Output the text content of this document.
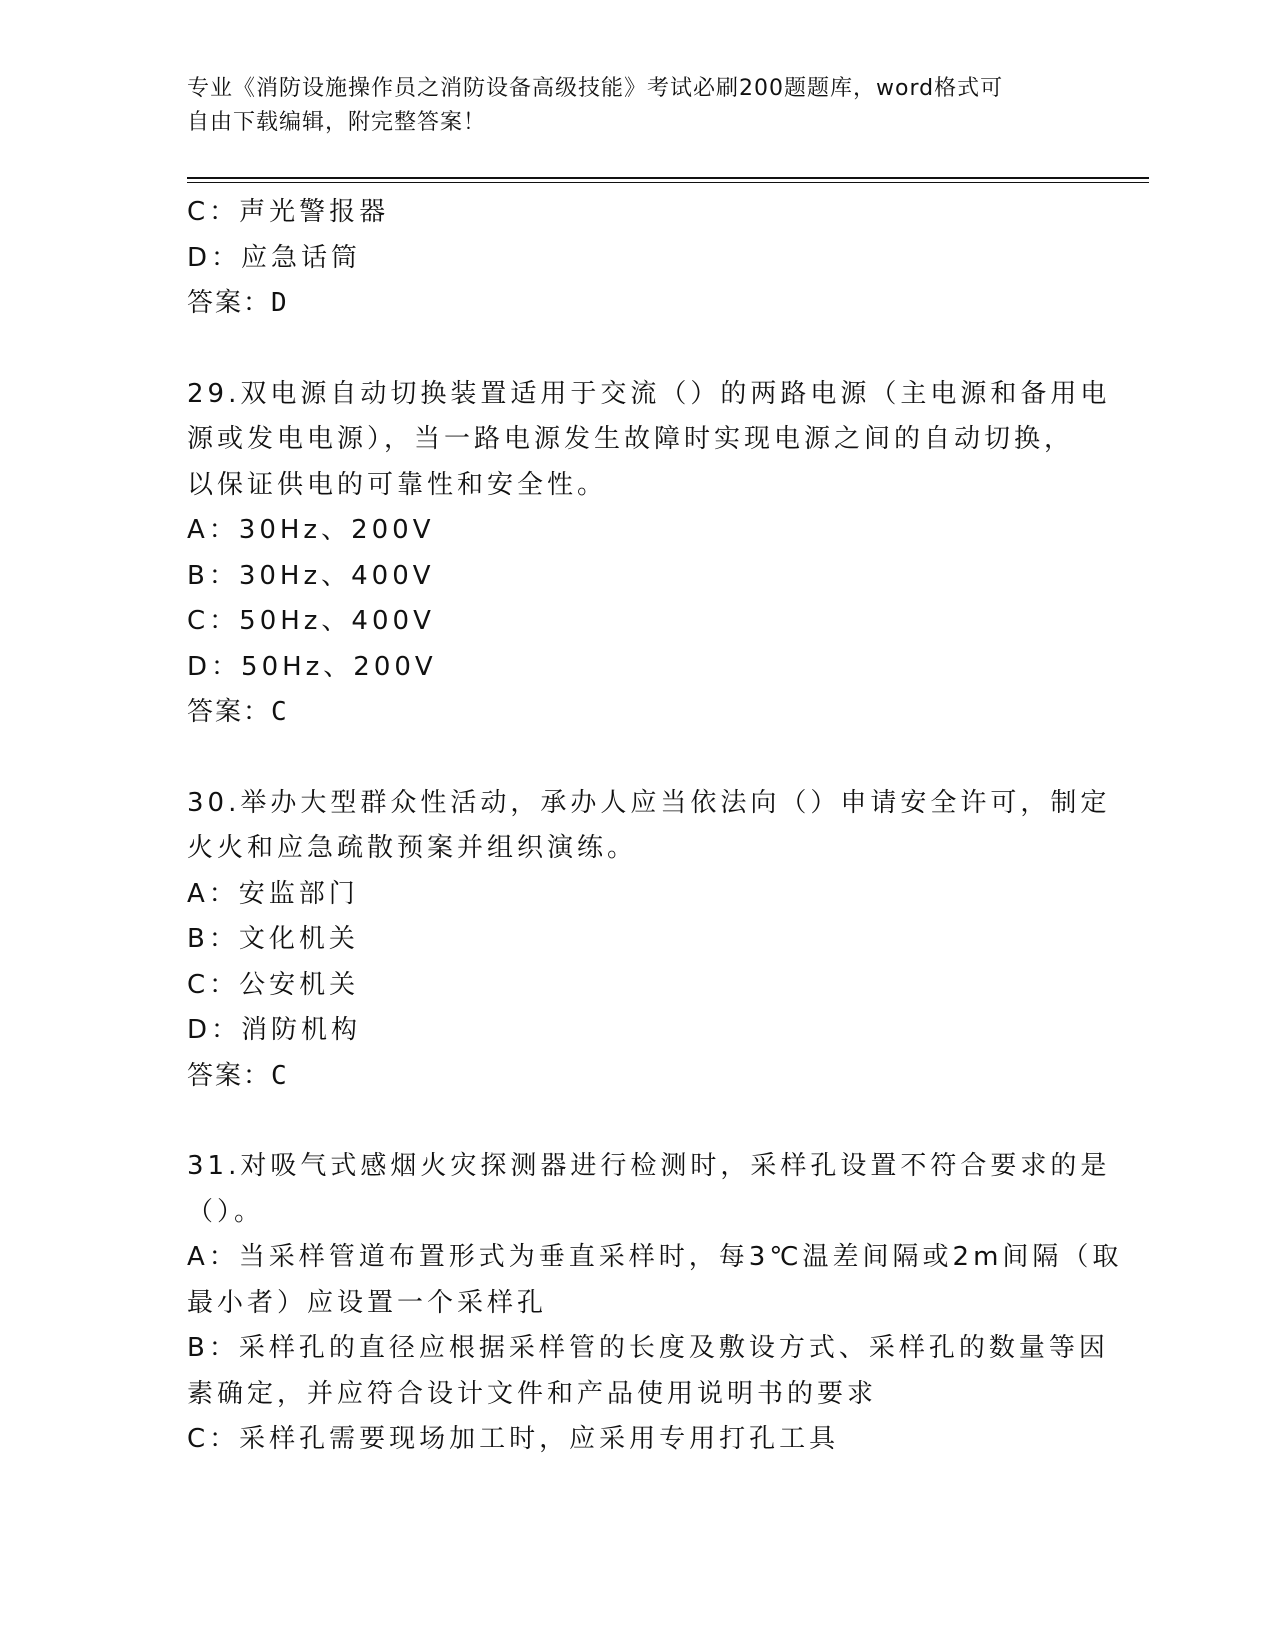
专业《消防设施操作员之消防设备高级技能》考试必刷200题题库，word格式可
自由下载编辑，附完整答案！
C：声光警报器
D：应急话筒
答案：D
29.双电源自动切换装置适用于交流（）的两路电源（主电源和备用电
源或发电电源），当一路电源发生故障时实现电源之间的自动切换，
以保证供电的可靠性和安全性。
A：30Hz、200V
B：30Hz、400V
C：50Hz、400V
D：50Hz、200V
答案：C
30.举办大型群众性活动，承办人应当依法向（）申请安全许可，制定
火火和应急疏散预案并组织演练。
A：安监部门
B：文化机关
C：公安机关
D：消防机构
答案：C
31.对吸气式感烟火灾探测器进行检测时，采样孔设置不符合要求的是
（）。
A：当采样管道布置形式为垂直采样时，每3℃温差间隔或2m间隔（取
最小者）应设置一个采样孔
B：采样孔的直径应根据采样管的长度及敷设方式、采样孔的数量等因
素确定，并应符合设计文件和产品使用说明书的要求
C：采样孔需要现场加工时，应采用专用打孔工具
